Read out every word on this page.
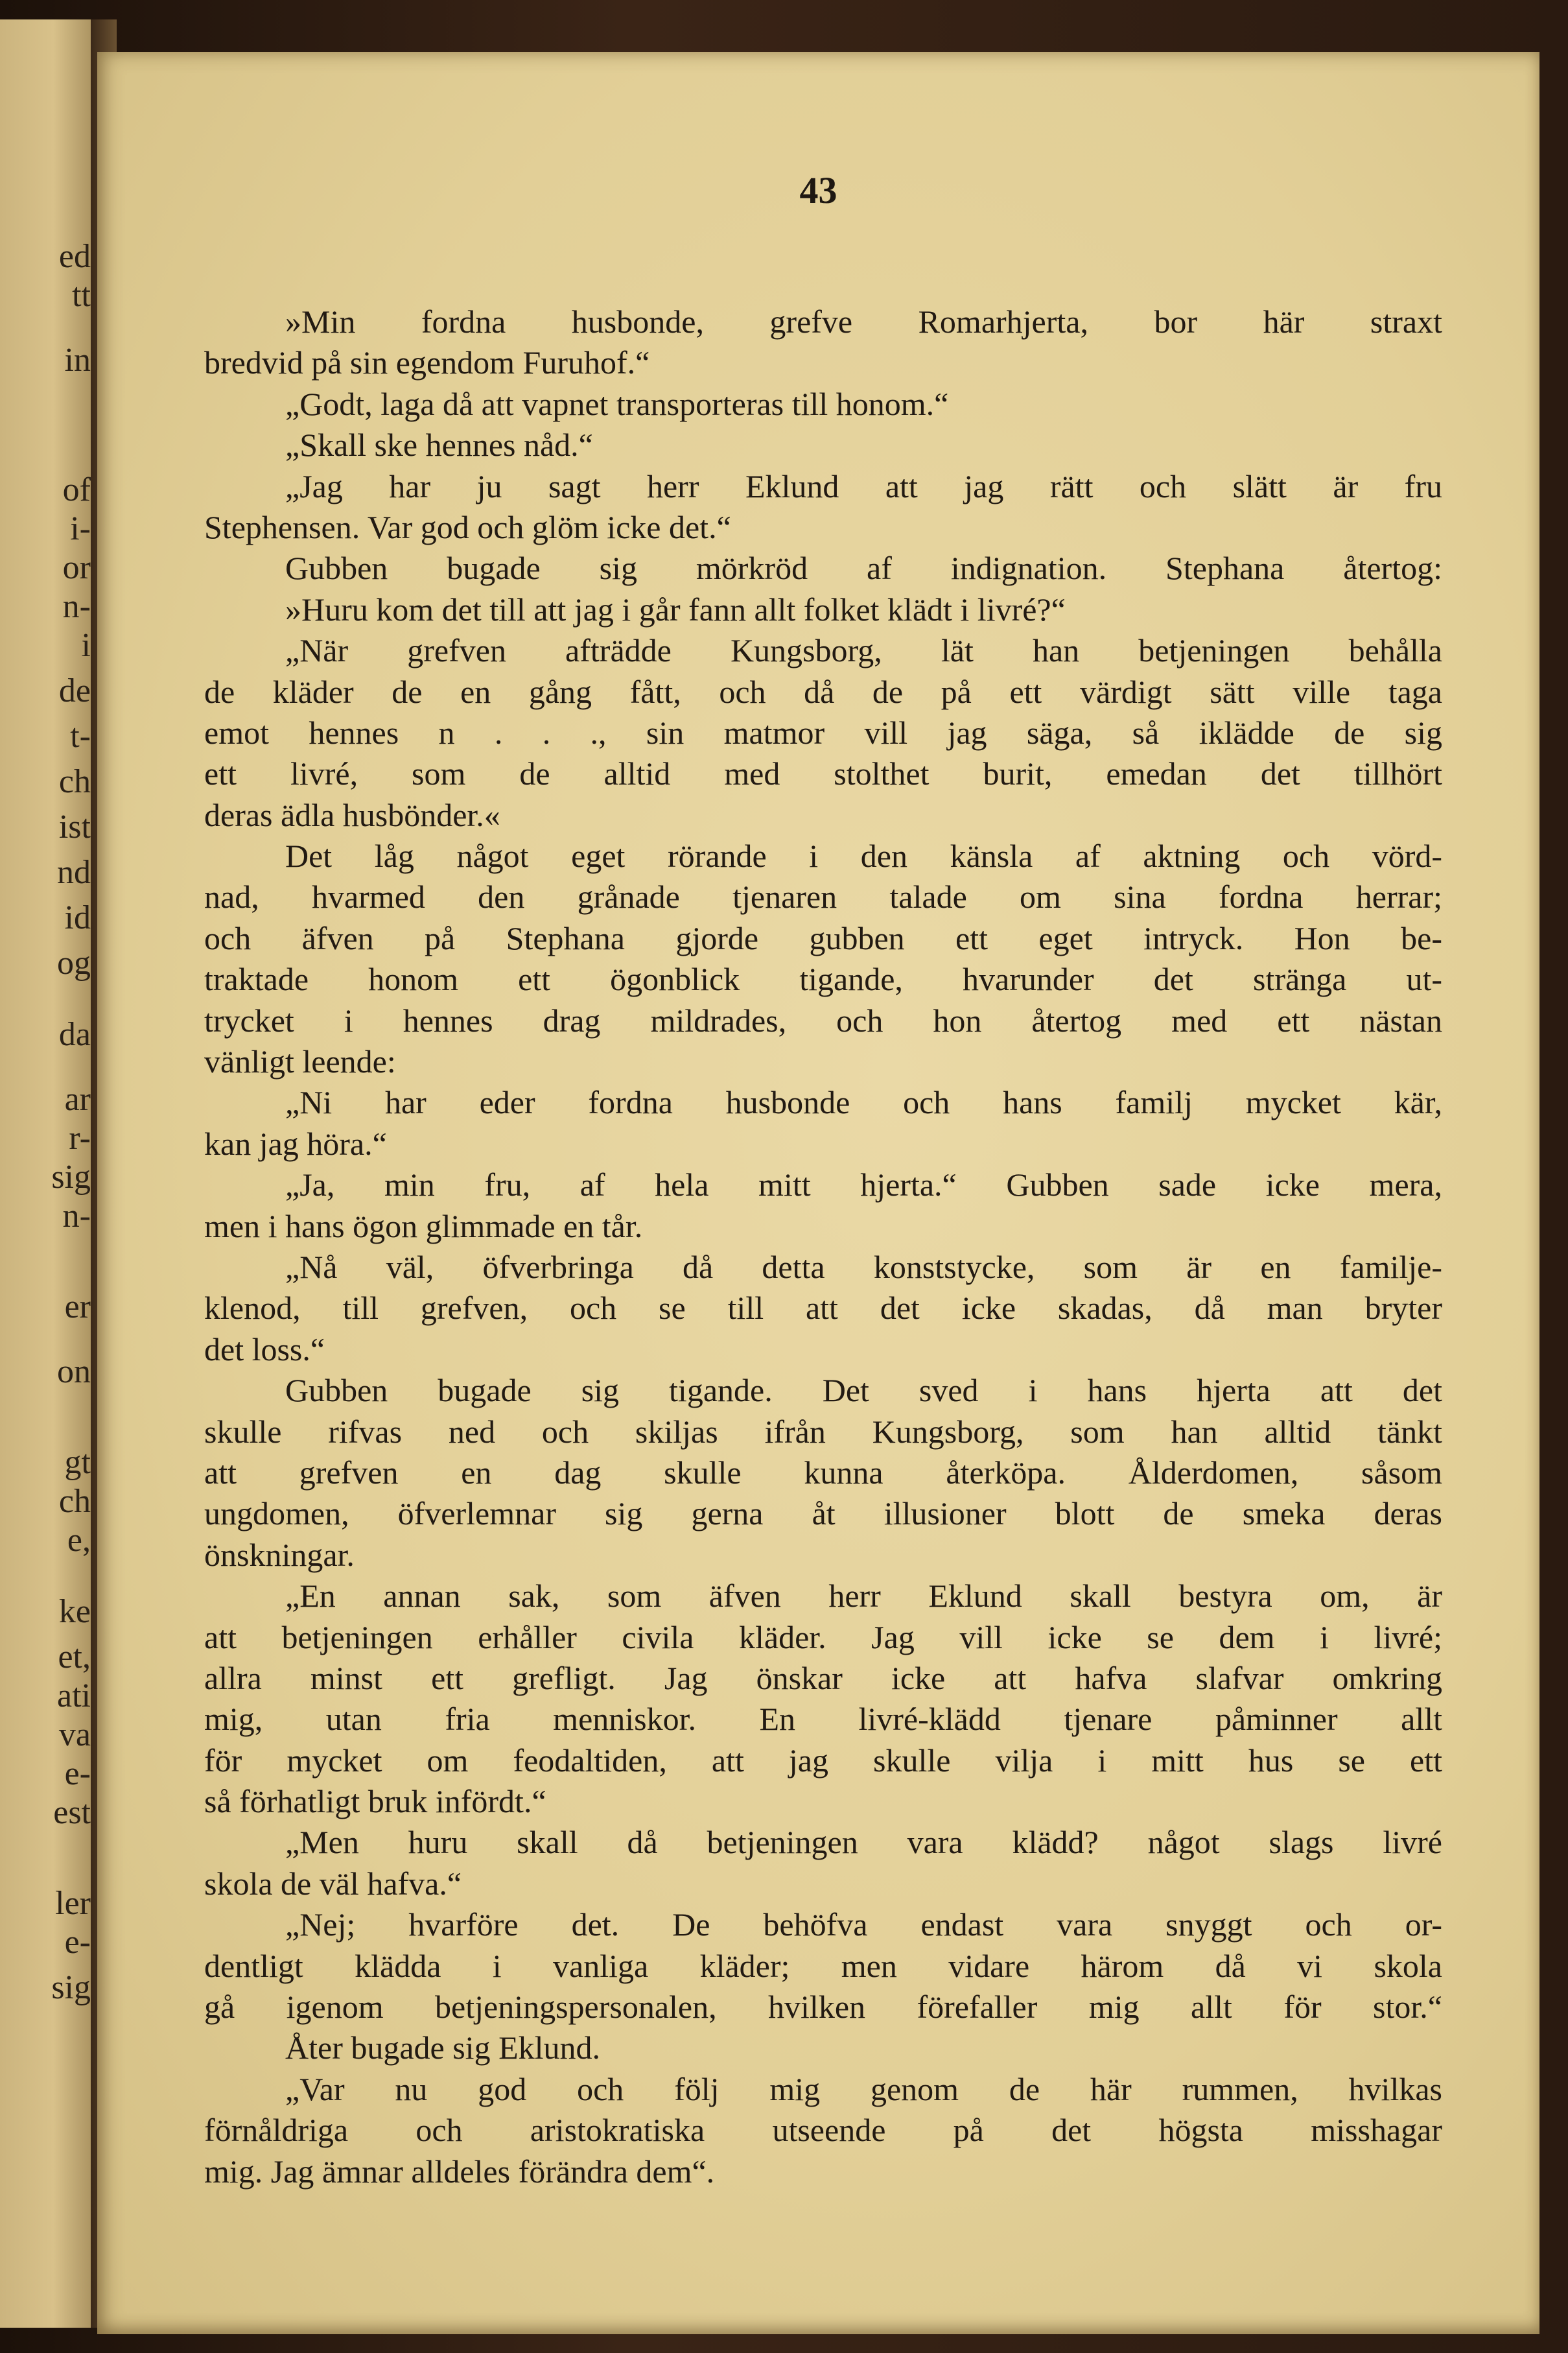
ed
tt
in
of
i-
or
n-
i
de
t-
ch
ist
nd
id
og
da
ar
r-
sig
n-
er
on
gt
ch
e,
ke
et,
ati
va
e-
est
ler
e-
sig
43
»Min fordna husbonde, grefve Romarhjerta, bor här straxt
bredvid på sin egendom Furuhof.“
„Godt, laga då att vapnet transporteras till honom.“
„Skall ske hennes nåd.“
„Jag har ju sagt herr Eklund att jag rätt och slätt är fru
Stephensen. Var god och glöm icke det.“
Gubben bugade sig mörkröd af indignation. Stephana återtog:
»Huru kom det till att jag i går fann allt folket klädt i livré?“
„När grefven afträdde Kungsborg, lät han betjeningen behålla
de kläder de en gång fått, och då de på ett värdigt sätt ville taga
emot hennes n . . ., sin matmor vill jag säga, så iklädde de sig
ett livré, som de alltid med stolthet burit, emedan det tillhört
deras ädla husbönder.«
Det låg något eget rörande i den känsla af aktning och vörd-
nad, hvarmed den grånade tjenaren talade om sina fordna herrar;
och äfven på Stephana gjorde gubben ett eget intryck. Hon be-
traktade honom ett ögonblick tigande, hvarunder det stränga ut-
trycket i hennes drag mildrades, och hon återtog med ett nästan
vänligt leende:
„Ni har eder fordna husbonde och hans familj mycket kär,
kan jag höra.“
„Ja, min fru, af hela mitt hjerta.“ Gubben sade icke mera,
men i hans ögon glimmade en tår.
„Nå väl, öfverbringa då detta konststycke, som är en familje-
klenod, till grefven, och se till att det icke skadas, då man bryter
det loss.“
Gubben bugade sig tigande. Det sved i hans hjerta att det
skulle rifvas ned och skiljas ifrån Kungsborg, som han alltid tänkt
att grefven en dag skulle kunna återköpa. Ålderdomen, såsom
ungdomen, öfverlemnar sig gerna åt illusioner blott de smeka deras
önskningar.
„En annan sak, som äfven herr Eklund skall bestyra om, är
att betjeningen erhåller civila kläder. Jag vill icke se dem i livré;
allra minst ett grefligt. Jag önskar icke att hafva slafvar omkring
mig, utan fria menniskor. En livré-klädd tjenare påminner allt
för mycket om feodaltiden, att jag skulle vilja i mitt hus se ett
så förhatligt bruk infördt.“
„Men huru skall då betjeningen vara klädd? något slags livré
skola de väl hafva.“
„Nej; hvarföre det. De behöfva endast vara snyggt och or-
dentligt klädda i vanliga kläder; men vidare härom då vi skola
gå igenom betjeningspersonalen, hvilken förefaller mig allt för stor.“
Åter bugade sig Eklund.
„Var nu god och följ mig genom de här rummen, hvilkas
förnåldriga och aristokratiska utseende på det högsta misshagar
mig. Jag ämnar alldeles förändra dem“.
